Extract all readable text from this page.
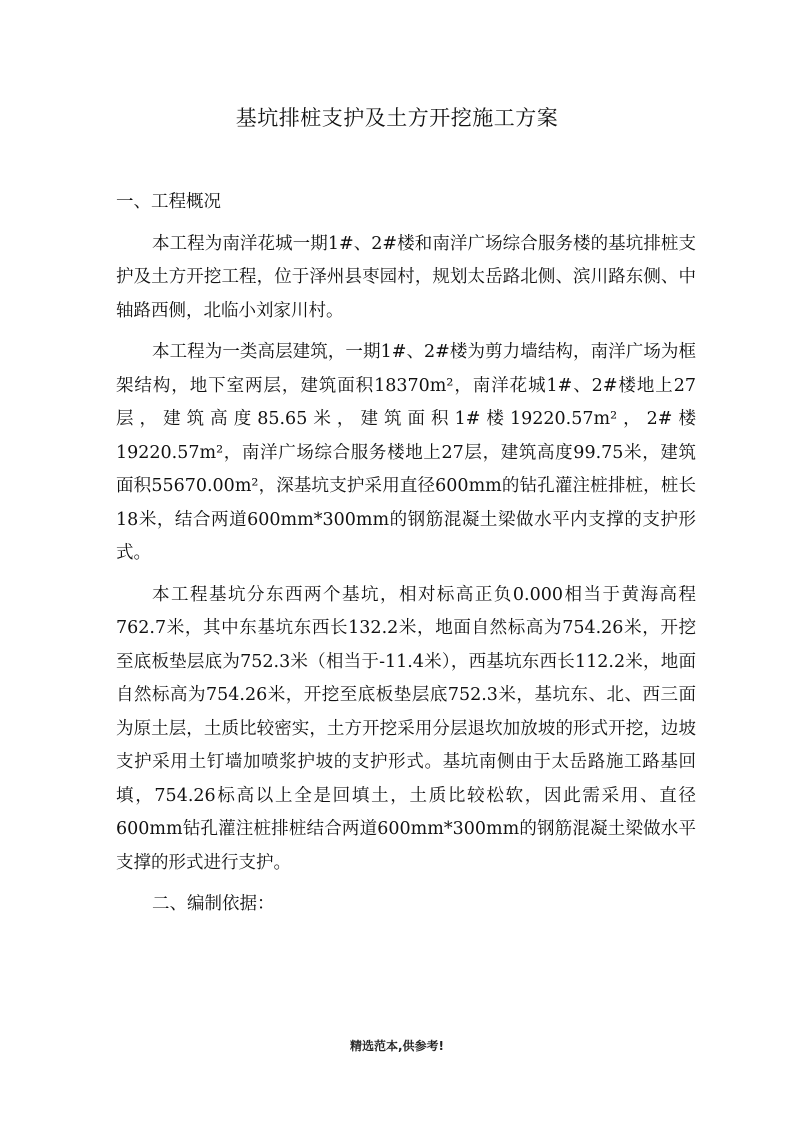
基坑排桩支护及土方开挖施工方案
一、工程概况

本工程为南洋花城一期1#、2#楼和南洋广场综合服务楼的基坑排桩支护及土方开挖工程，位于泽州县枣园村，规划太岳路北侧、滨川路东侧、中轴路西侧，北临小刘家川村。

本工程为一类高层建筑，一期1#、2#楼为剪力墙结构，南洋广场为框架结构，地下室两层，建筑面积18370m²，南洋花城1#、2#楼地上27层，建筑高度85.65米，建筑面积1#楼19220.57m²，2#楼19220.57m²，南洋广场综合服务楼地上27层，建筑高度99.75米，建筑面积55670.00m²，深基坑支护采用直径600mm的钻孔灌注桩排桩，桩长18米，结合两道600mm*300mm的钢筋混凝土梁做水平内支撑的支护形式。

本工程基坑分东西两个基坑，相对标高正负0.000相当于黄海高程762.7米，其中东基坑东西长132.2米，地面自然标高为754.26米，开挖至底板垫层底为752.3米（相当于-11.4米），西基坑东西长112.2米，地面自然标高为754.26米，开挖至底板垫层底752.3米，基坑东、北、西三面为原土层，土质比较密实，土方开挖采用分层退坎加放坡的形式开挖，边坡支护采用土钉墙加喷浆护坡的支护形式。基坑南侧由于太岳路施工路基回填，754.26标高以上全是回填土，土质比较松软，因此需采用、直径600mm钻孔灌注桩排桩结合两道600mm*300mm的钢筋混凝土梁做水平支撑的形式进行支护。

二、编制依据：
精选范本,供参考!
